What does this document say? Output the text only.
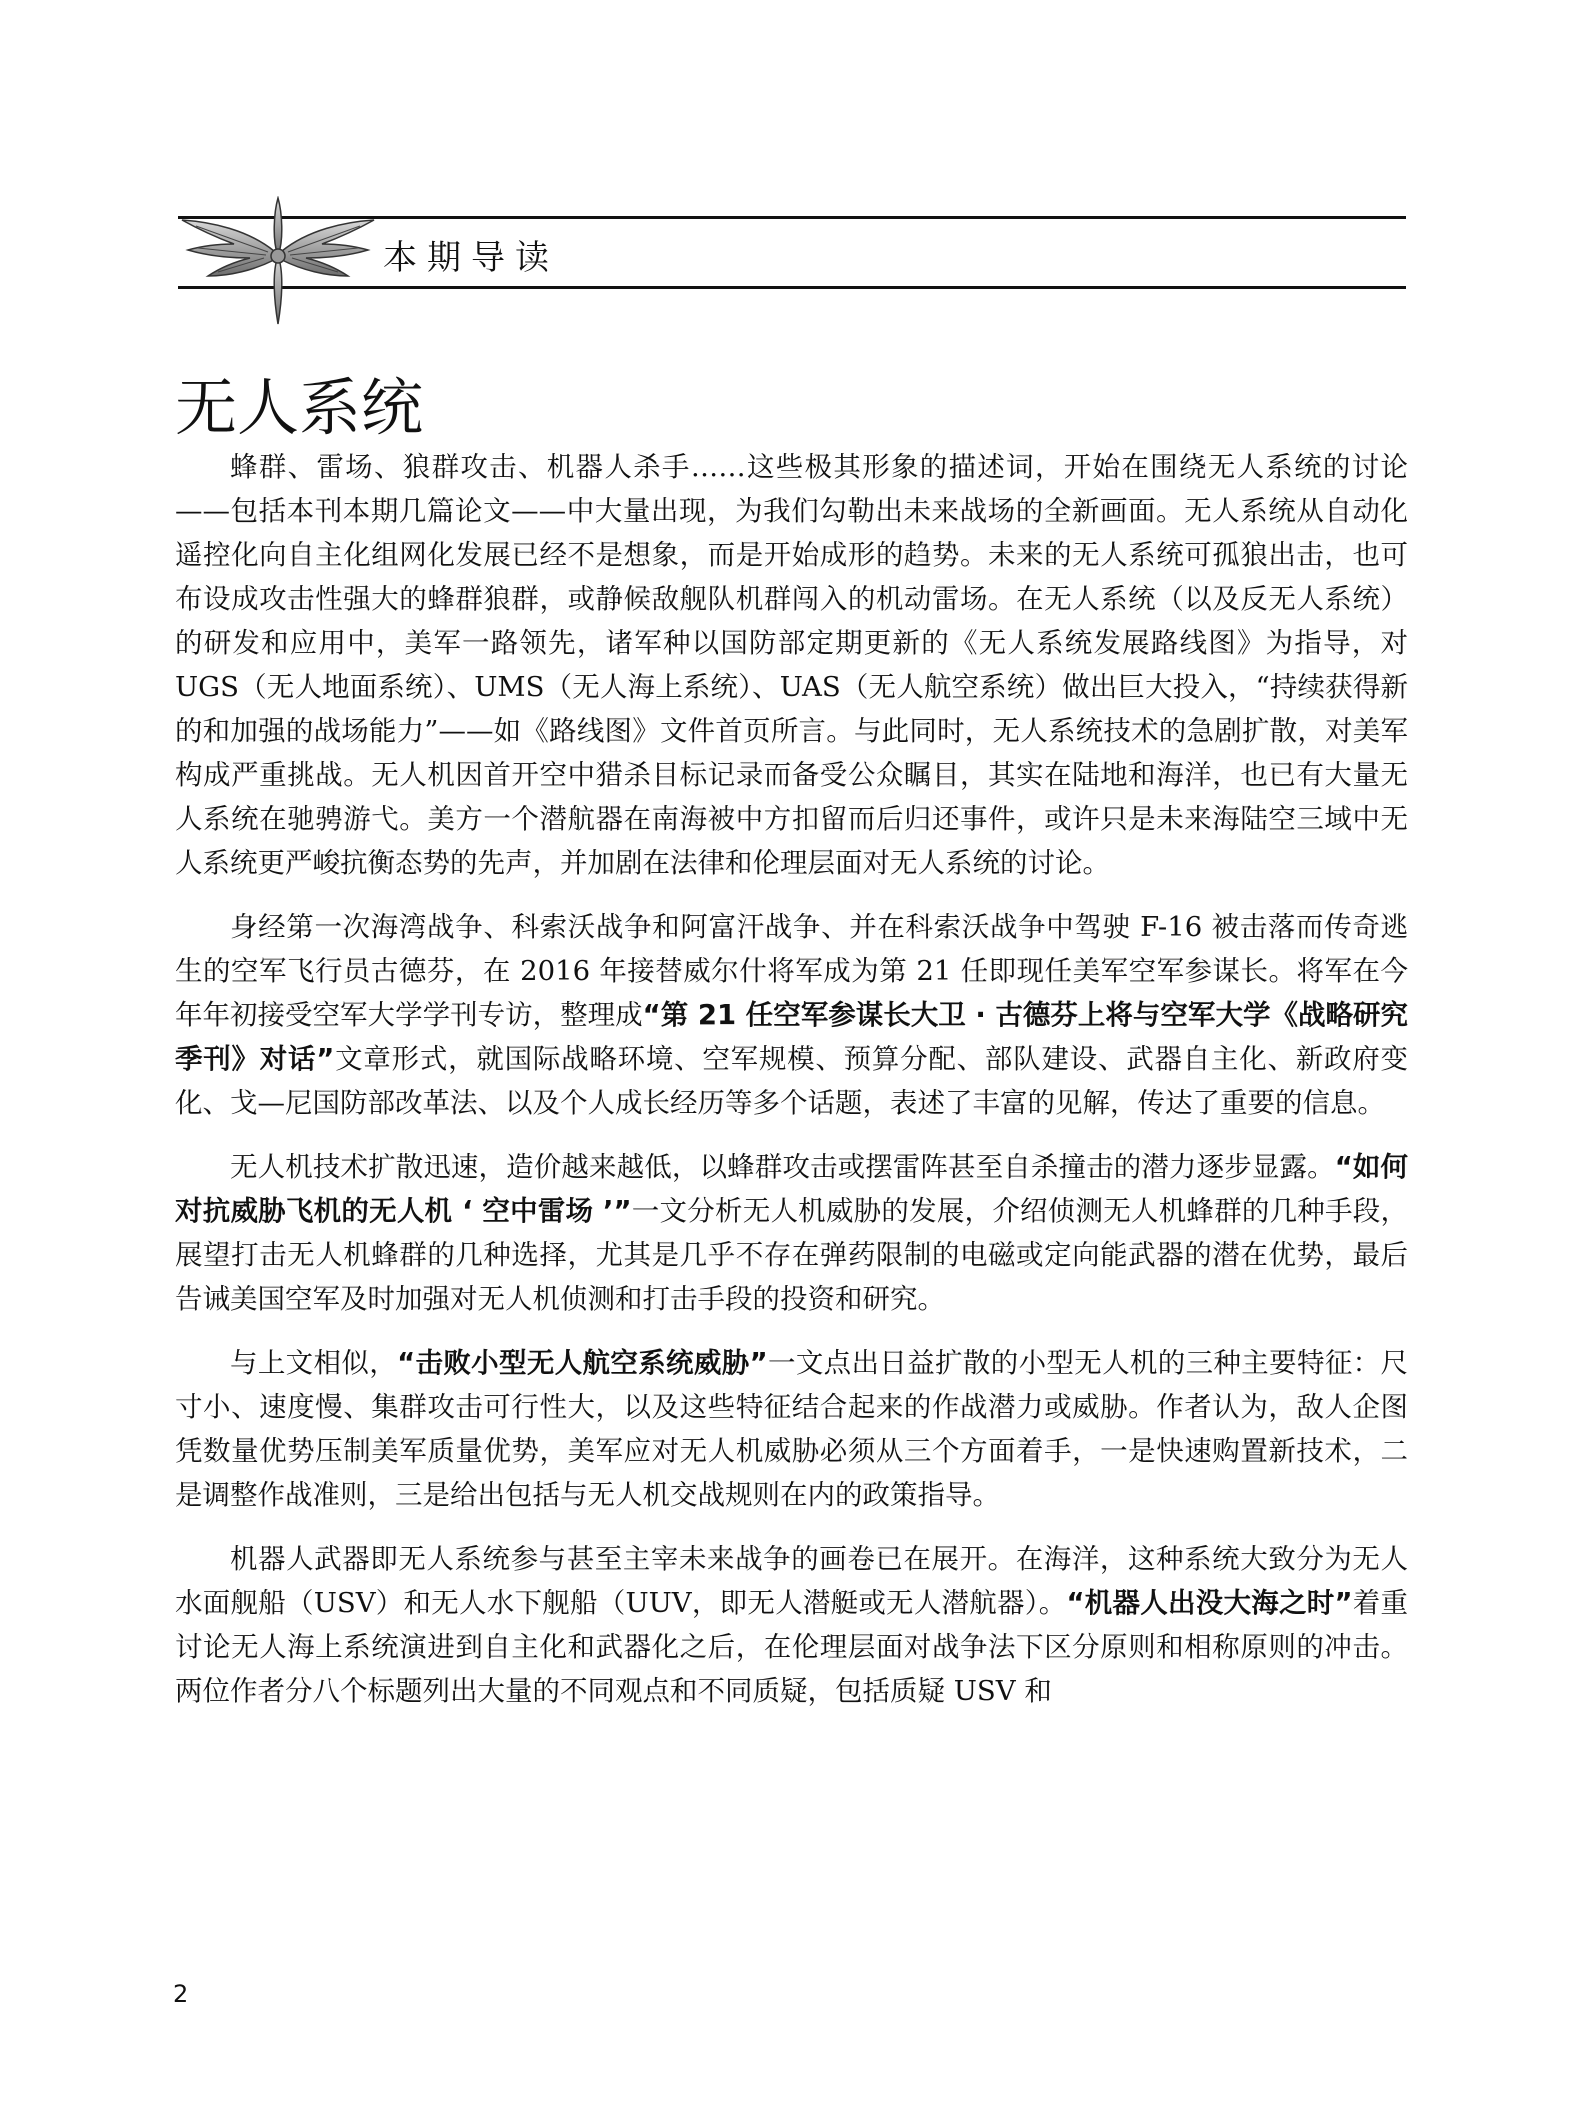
本期导读
无人系统

蜂群、雷场、狼群攻击、机器人杀手……这些极其形象的描述词，开始在围绕无人系统的讨论——包括本刊本期几篇论文——中大量出现，为我们勾勒出未来战场的全新画面。无人系统从自动化遥控化向自主化组网化发展已经不是想象，而是开始成形的趋势。未来的无人系统可孤狼出击，也可布设成攻击性强大的蜂群狼群，或静候敌舰队机群闯入的机动雷场。在无人系统（以及反无人系统）的研发和应用中，美军一路领先，诸军种以国防部定期更新的《无人系统发展路线图》为指导，对 UGS（无人地面系统）、UMS（无人海上系统）、UAS（无人航空系统）做出巨大投入，“持续获得新的和加强的战场能力”——如《路线图》文件首页所言。与此同时，无人系统技术的急剧扩散，对美军构成严重挑战。无人机因首开空中猎杀目标记录而备受公众瞩目，其实在陆地和海洋，也已有大量无人系统在驰骋游弋。美方一个潜航器在南海被中方扣留而后归还事件，或许只是未来海陆空三域中无人系统更严峻抗衡态势的先声，并加剧在法律和伦理层面对无人系统的讨论。

身经第一次海湾战争、科索沃战争和阿富汗战争、并在科索沃战争中驾驶 F-16 被击落而传奇逃生的空军飞行员古德芬，在 2016 年接替威尔什将军成为第 21 任即现任美军空军参谋长。将军在今年年初接受空军大学学刊专访，整理成“第 21 任空军参谋长大卫 · 古德芬上将与空军大学《战略研究季刊》对话”文章形式，就国际战略环境、空军规模、预算分配、部队建设、武器自主化、新政府变化、戈—尼国防部改革法、以及个人成长经历等多个话题，表述了丰富的见解，传达了重要的信息。

无人机技术扩散迅速，造价越来越低，以蜂群攻击或摆雷阵甚至自杀撞击的潜力逐步显露。“如何对抗威胁飞机的无人机 ‘ 空中雷场 ’”一文分析无人机威胁的发展，介绍侦测无人机蜂群的几种手段，展望打击无人机蜂群的几种选择，尤其是几乎不存在弹药限制的电磁或定向能武器的潜在优势，最后告诫美国空军及时加强对无人机侦测和打击手段的投资和研究。

与上文相似，“击败小型无人航空系统威胁”一文点出日益扩散的小型无人机的三种主要特征：尺寸小、速度慢、集群攻击可行性大，以及这些特征结合起来的作战潜力或威胁。作者认为，敌人企图凭数量优势压制美军质量优势，美军应对无人机威胁必须从三个方面着手，一是快速购置新技术，二是调整作战准则，三是给出包括与无人机交战规则在内的政策指导。

机器人武器即无人系统参与甚至主宰未来战争的画卷已在展开。在海洋，这种系统大致分为无人水面舰船（USV）和无人水下舰船（UUV，即无人潜艇或无人潜航器）。“机器人出没大海之时”着重讨论无人海上系统演进到自主化和武器化之后，在伦理层面对战争法下区分原则和相称原则的冲击。两位作者分八个标题列出大量的不同观点和不同质疑，包括质疑 USV 和

2
